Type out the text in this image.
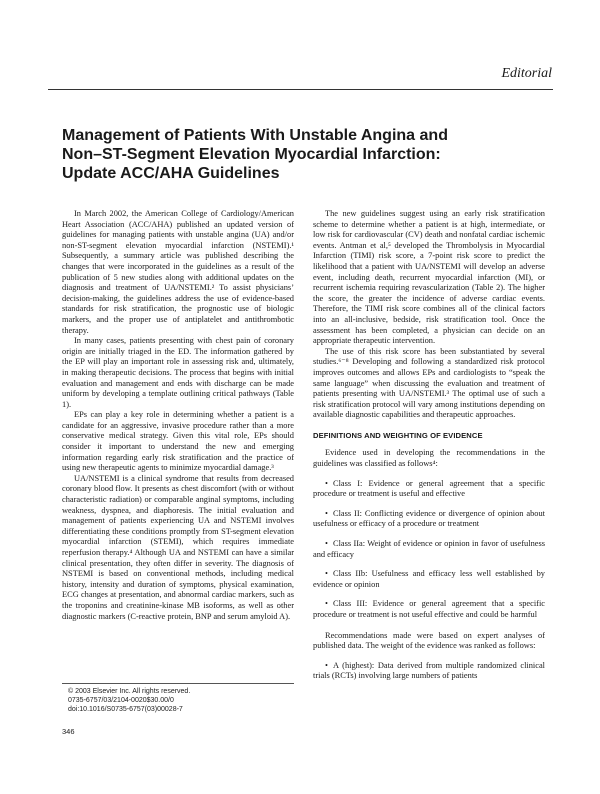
Editorial
Management of Patients With Unstable Angina and Non–ST-Segment Elevation Myocardial Infarction: Update ACC/AHA Guidelines

In March 2002, the American College of Cardiology/American Heart Association (ACC/AHA) published an updated version of guidelines for managing patients with unstable angina (UA) and/or non-ST-segment elevation myocardial infarction (NSTEMI).¹ Subsequently, a summary article was published describing the changes that were incorporated in the guidelines as a result of the publication of 5 new studies along with additional updates on the diagnosis and treatment of UA/NSTEMI.² To assist physicians’ decision-making, the guidelines address the use of evidence-based standards for risk stratification, the prognostic use of biologic markers, and the proper use of antiplatelet and antithrombotic therapy.

In many cases, patients presenting with chest pain of coronary origin are initially triaged in the ED. The information gathered by the EP will play an important role in assessing risk and, ultimately, in making therapeutic decisions. The process that begins with initial evaluation and management and ends with discharge can be made uniform by developing a template outlining critical pathways (Table 1).

EPs can play a key role in determining whether a patient is a candidate for an aggressive, invasive procedure rather than a more conservative medical strategy. Given this vital role, EPs should consider it important to understand the new and emerging information regarding early risk stratification and the practice of using new therapeutic agents to minimize myocardial damage.³

UA/NSTEMI is a clinical syndrome that results from decreased coronary blood flow. It presents as chest discomfort (with or without characteristic radiation) or comparable anginal symptoms, including weakness, dyspnea, and diaphoresis. The initial evaluation and management of patients experiencing UA and NSTEMI involves differentiating these conditions promptly from ST-segment elevation myocardial infarction (STEMI), which requires immediate reperfusion therapy.⁴ Although UA and NSTEMI can have a similar clinical presentation, they often differ in severity. The diagnosis of NSTEMI is based on conventional methods, including medical history, intensity and duration of symptoms, physical examination, ECG changes at presentation, and abnormal cardiac markers, such as the troponins and creatinine-kinase MB isoforms, as well as other diagnostic markers (C-reactive protein, BNP and serum amyloid A).

The new guidelines suggest using an early risk stratification scheme to determine whether a patient is at high, intermediate, or low risk for cardiovascular (CV) death and nonfatal cardiac ischemic events. Antman et al,⁵ developed the Thrombolysis in Myocardial Infarction (TIMI) risk score, a 7-point risk score to predict the likelihood that a patient with UA/NSTEMI will develop an adverse event, including death, recurrent myocardial infarction (MI), or recurrent ischemia requiring revascularization (Table 2). The higher the score, the greater the incidence of adverse cardiac events. Therefore, the TIMI risk score combines all of the clinical factors into an all-inclusive, bedside, risk stratification tool. Once the assessment has been completed, a physician can decide on an appropriate therapeutic intervention.

The use of this risk score has been substantiated by several studies.⁶⁻⁸ Developing and following a standardized risk protocol improves outcomes and allows EPs and cardiologists to “speak the same language” when discussing the evaluation and treatment of patients presenting with UA/NSTEMI.³ The optimal use of such a risk stratification protocol will vary among institutions depending on available diagnostic capabilities and therapeutic approaches.

DEFINITIONS AND WEIGHTING OF EVIDENCE

Evidence used in developing the recommendations in the guidelines was classified as follows⁴:

• Class I: Evidence or general agreement that a specific procedure or treatment is useful and effective
• Class II: Conflicting evidence or divergence of opinion about usefulness or efficacy of a procedure or treatment
• Class IIa: Weight of evidence or opinion in favor of usefulness and efficacy
• Class IIb: Usefulness and efficacy less well established by evidence or opinion
• Class III: Evidence or general agreement that a specific procedure or treatment is not useful effective and could be harmful

Recommendations made were based on expert analyses of published data. The weight of the evidence was ranked as follows:

• A (highest): Data derived from multiple randomized clinical trials (RCTs) involving large numbers of patients
© 2003 Elsevier Inc. All rights reserved.
0735-6757/03/2104-0020$30.00/0
doi:10.1016/S0735-6757(03)00028-7
346
